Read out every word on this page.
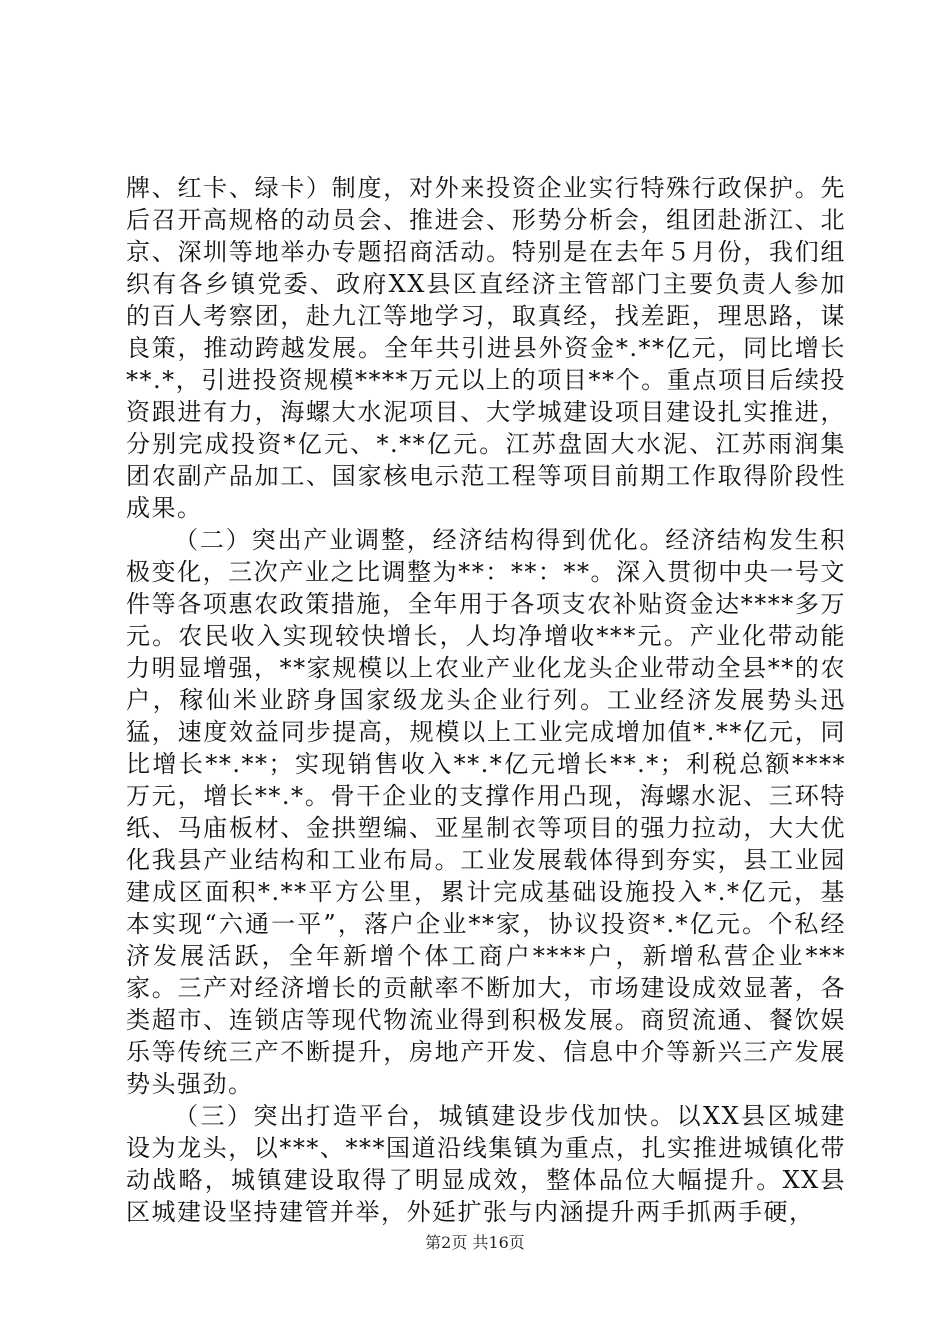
牌、红卡、绿卡）制度，对外来投资企业实行特殊行政保护。先后召开高规格的动员会、推进会、形势分析会，组团赴浙江、北京、深圳等地举办专题招商活动。特别是在去年５月份，我们组织有各乡镇党委、政府XX县区直经济主管部门主要负责人参加的百人考察团，赴九江等地学习，取真经，找差距，理思路，谋良策，推动跨越发展。全年共引进县外资金*.**亿元，同比增长**.*，引进投资规模****万元以上的项目**个。重点项目后续投资跟进有力，海螺大水泥项目、大学城建设项目建设扎实推进，分别完成投资*亿元、*.**亿元。江苏盘固大水泥、江苏雨润集团农副产品加工、国家核电示范工程等项目前期工作取得阶段性成果。

（二）突出产业调整，经济结构得到优化。经济结构发生积极变化，三次产业之比调整为**：**：**。深入贯彻中央一号文件等各项惠农政策措施，全年用于各项支农补贴资金达****多万元。农民收入实现较快增长，人均净增收***元。产业化带动能力明显增强，**家规模以上农业产业化龙头企业带动全县**的农户，稼仙米业跻身国家级龙头企业行列。工业经济发展势头迅猛，速度效益同步提高，规模以上工业完成增加值*.**亿元，同比增长**.**；实现销售收入**.*亿元增长**.*；利税总额****万元，增长**.*。骨干企业的支撑作用凸现，海螺水泥、三环特纸、马庙板材、金拱塑编、亚星制衣等项目的强力拉动，大大优化我县产业结构和工业布局。工业发展载体得到夯实，县工业园建成区面积*.**平方公里，累计完成基础设施投入*.*亿元，基本实现“六通一平”，落户企业**家，协议投资*.*亿元。个私经济发展活跃，全年新增个体工商户****户，新增私营企业***家。三产对经济增长的贡献率不断加大，市场建设成效显著，各类超市、连锁店等现代物流业得到积极发展。商贸流通、餐饮娱乐等传统三产不断提升，房地产开发、信息中介等新兴三产发展势头强劲。

（三）突出打造平台，城镇建设步伐加快。以XX县区城建设为龙头，以***、***国道沿线集镇为重点，扎实推进城镇化带动战略，城镇建设取得了明显成效，整体品位大幅提升。XX县区城建设坚持建管并举，外延扩张与内涵提升两手抓两手硬，

第2页 共16页
